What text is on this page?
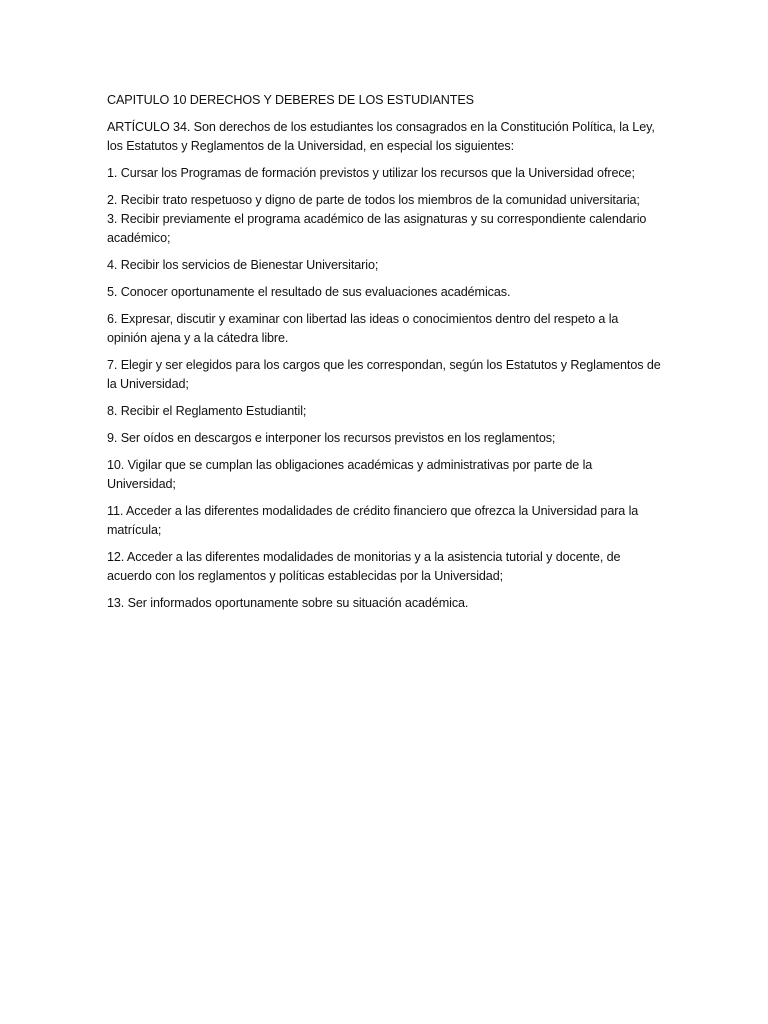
CAPITULO 10 DERECHOS Y DEBERES DE LOS ESTUDIANTES

ARTÍCULO 34. Son derechos de los estudiantes los consagrados en la Constitución Política, la Ley,

los Estatutos y Reglamentos de la Universidad, en especial los siguientes:

1. Cursar los Programas de formación previstos y utilizar los recursos que la Universidad ofrece;

2. Recibir trato respetuoso y digno de parte de todos los miembros de la comunidad universitaria;

3. Recibir previamente el programa académico de las asignaturas y su correspondiente calendario

académico;

4. Recibir los servicios de Bienestar Universitario;

5. Conocer oportunamente el resultado de sus evaluaciones académicas.

6. Expresar, discutir y examinar con libertad las ideas o conocimientos dentro del respeto a la

opinión ajena y a la cátedra libre.

7. Elegir y ser elegidos para los cargos que les correspondan, según los Estatutos y Reglamentos de

la Universidad;

8. Recibir el Reglamento Estudiantil;

9. Ser oídos en descargos e interponer los recursos previstos en los reglamentos;

10. Vigilar que se cumplan las obligaciones académicas y administrativas por parte de la

Universidad;

11. Acceder a las diferentes modalidades de crédito financiero que ofrezca la Universidad para la

matrícula;

12. Acceder a las diferentes modalidades de monitorias y a la asistencia tutorial y docente, de

acuerdo con los reglamentos y políticas establecidas por la Universidad;

13. Ser informados oportunamente sobre su situación académica.
